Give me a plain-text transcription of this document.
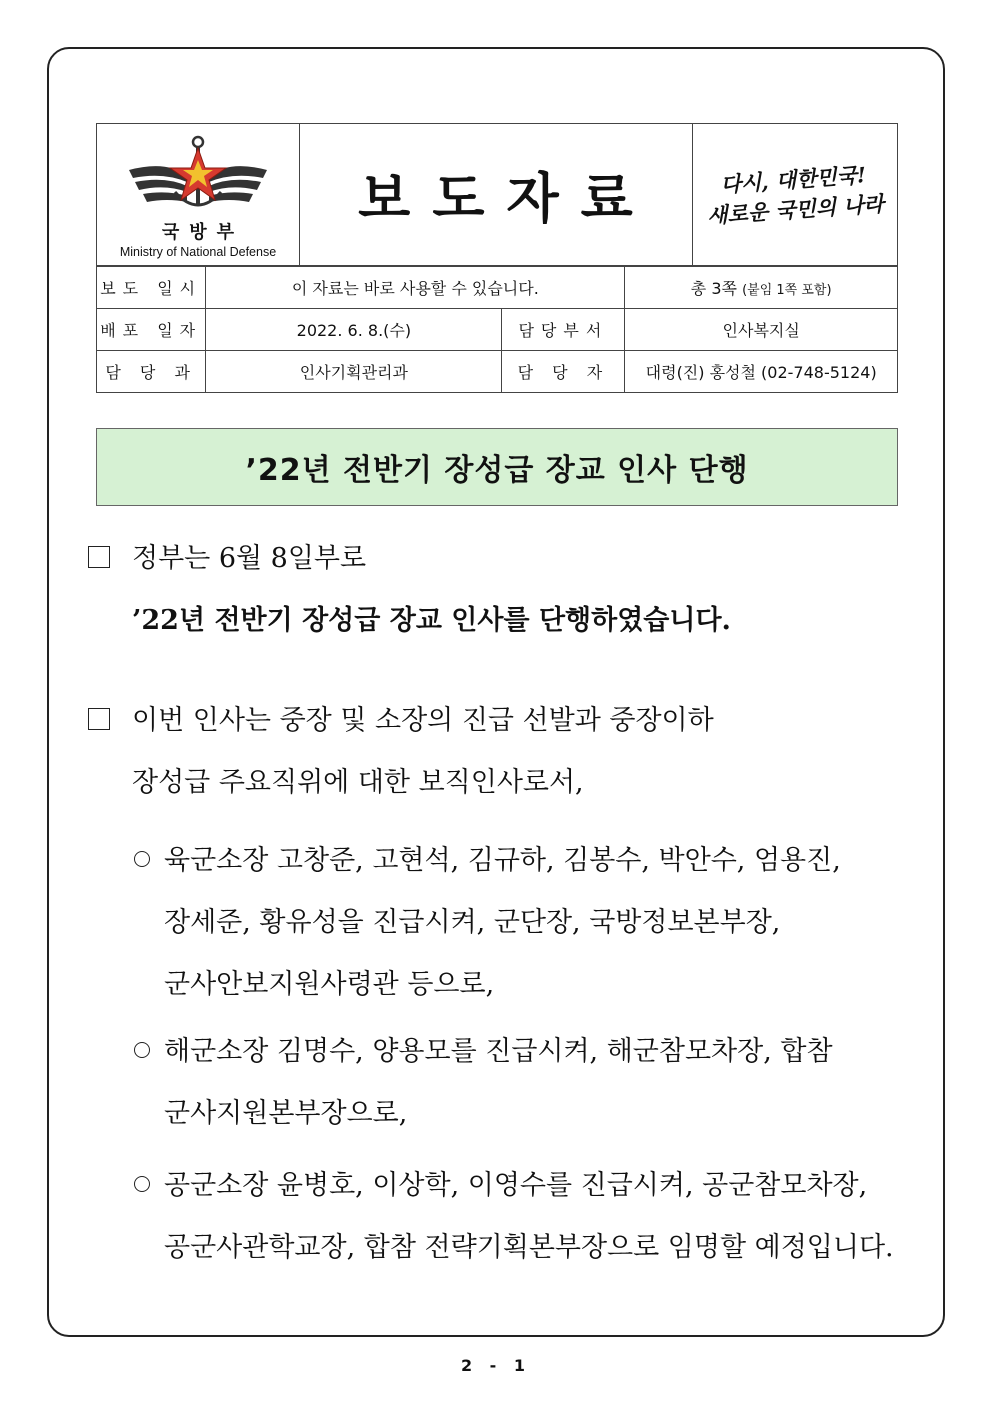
국방부
Ministry of National Defense
보도자료	다시, 대한민국!
새로운 국민의 나라
보도 일시	이 자료는 바로 사용할 수 있습니다.		총 3쪽 (붙임 1쪽 포함)
배포 일자	2022. 6. 8.(수)	담당부서	인사복지실
담 당 과	인사기획관리과	담 당 자	대령(진) 홍성철 (02-748-5124)
’22년 전반기 장성급 장교 인사 단행
정부는 6월 8일부로
’22년 전반기 장성급 장교 인사를 단행하였습니다.
이번 인사는 중장 및 소장의 진급 선발과 중장이하
장성급 주요직위에 대한 보직인사로서,
육군소장 고창준, 고현석, 김규하, 김봉수, 박안수, 엄용진,
장세준, 황유성을 진급시켜, 군단장, 국방정보본부장,
군사안보지원사령관 등으로,
해군소장 김명수, 양용모를 진급시켜, 해군참모차장, 합참
군사지원본부장으로,
공군소장 윤병호, 이상학, 이영수를 진급시켜, 공군참모차장,
공군사관학교장, 합참 전략기획본부장으로 임명할 예정입니다.
2 - 1
